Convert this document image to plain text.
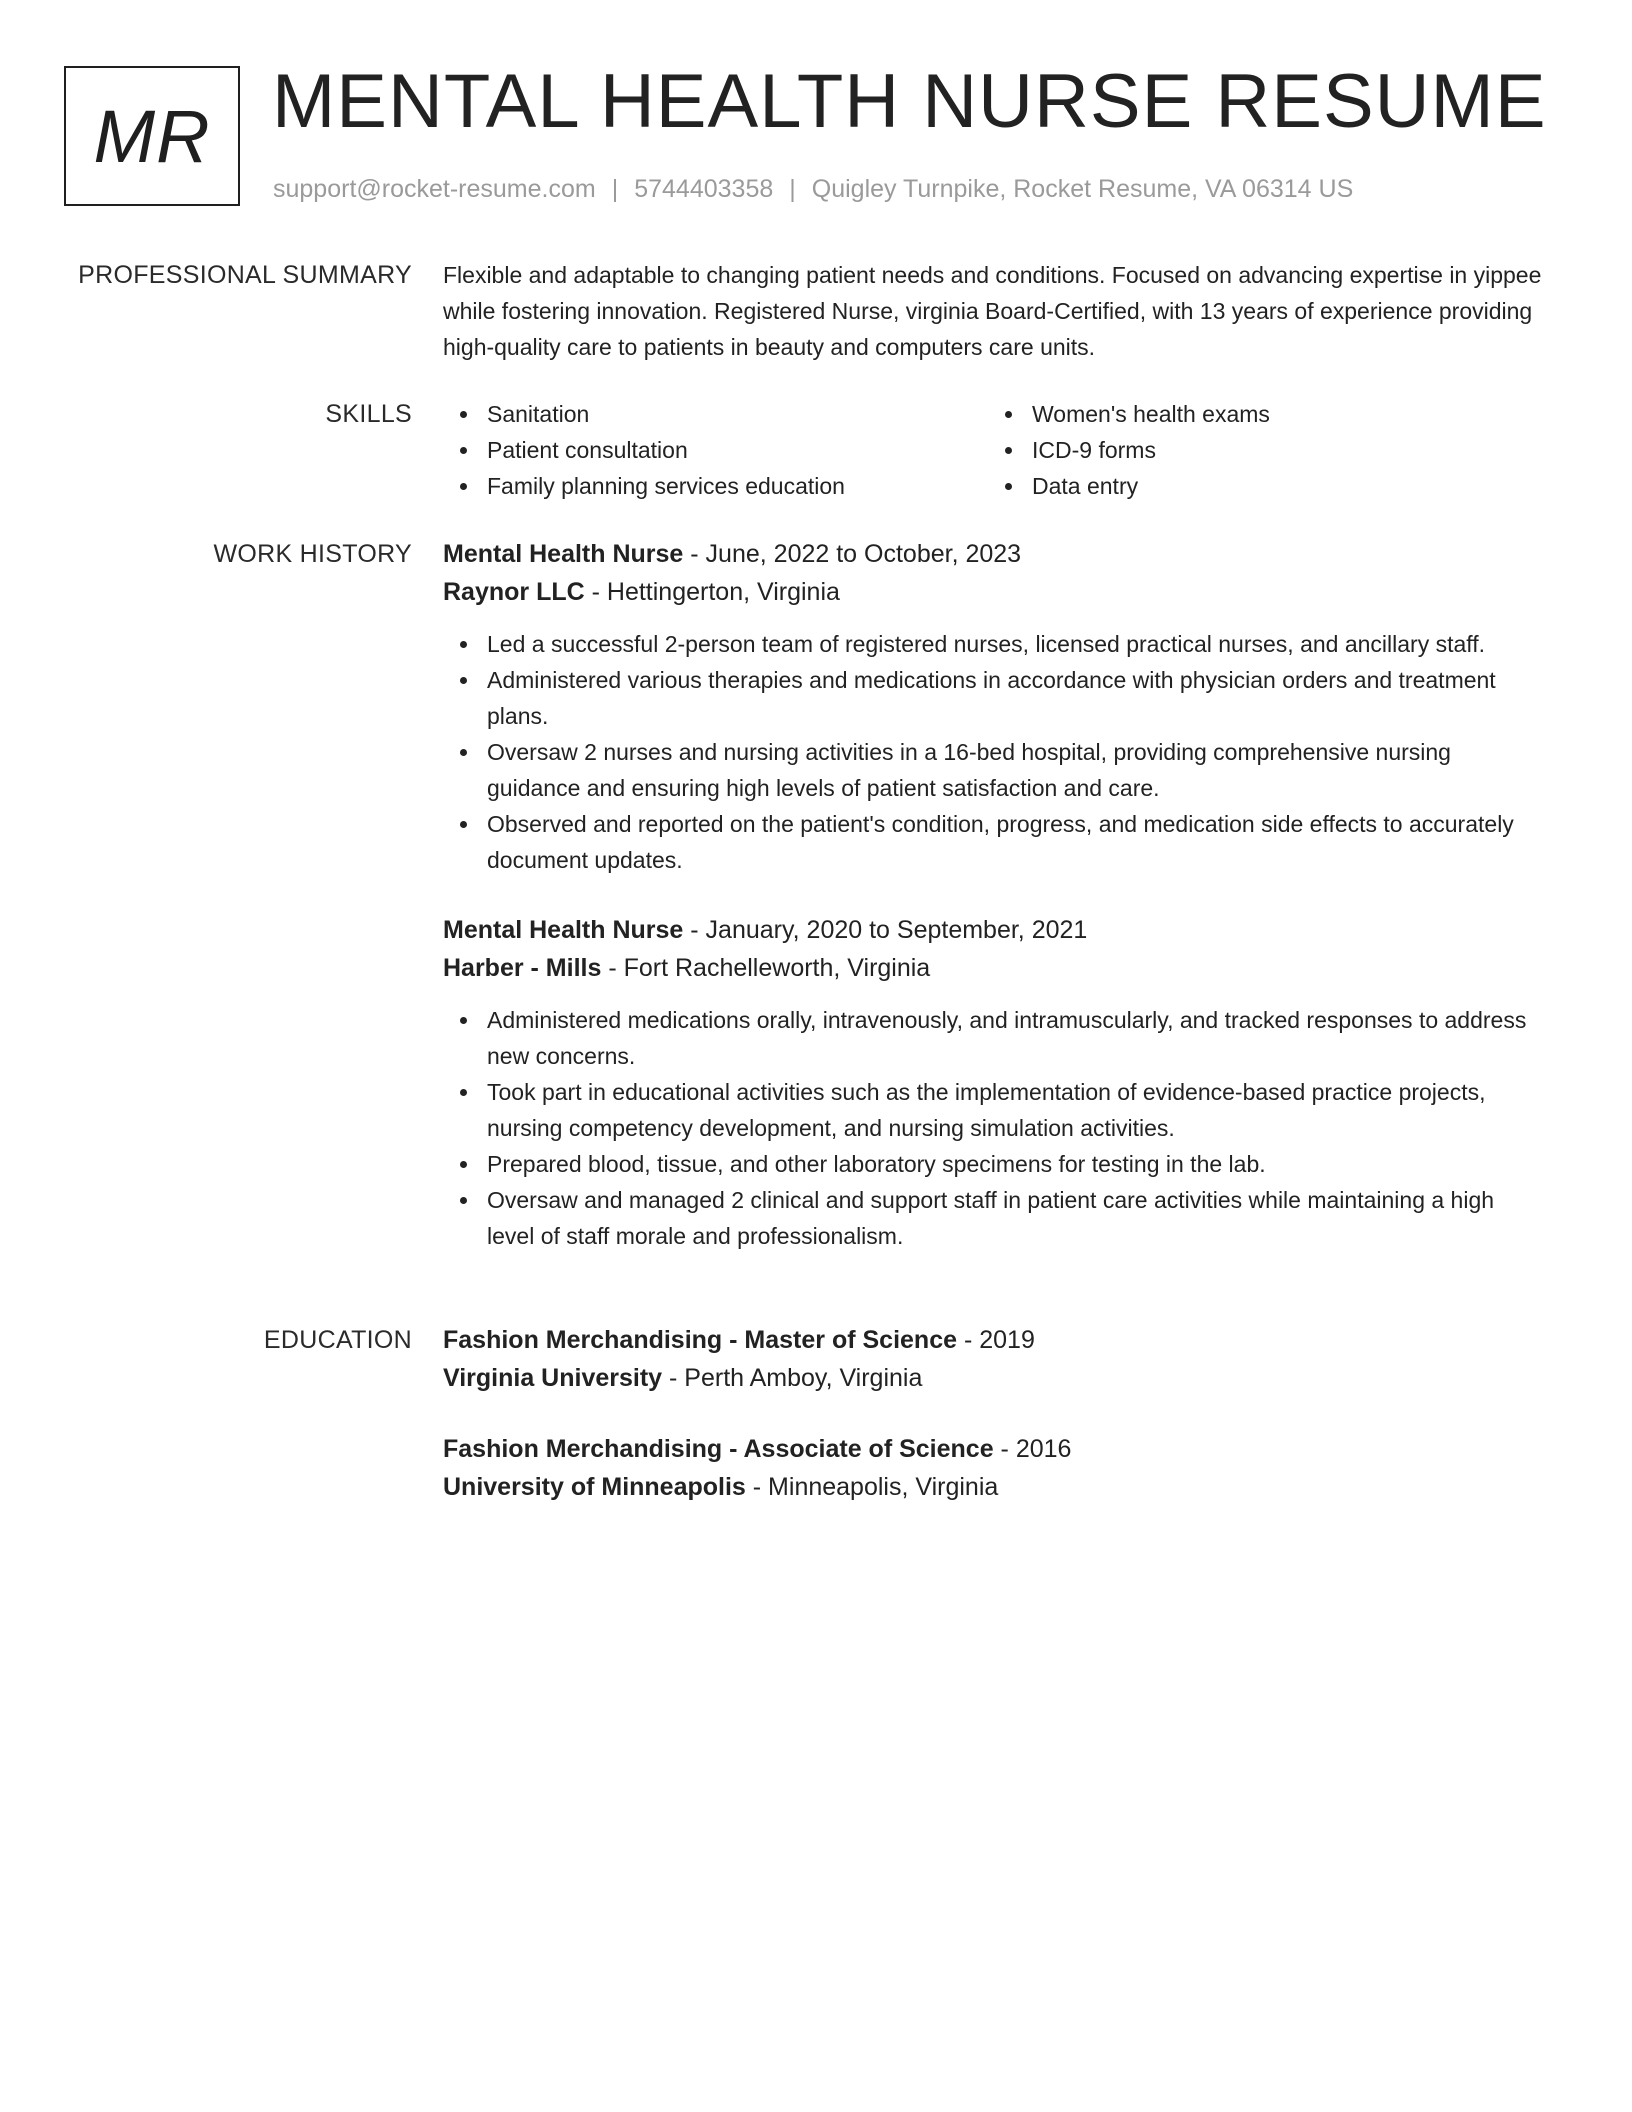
MR MENTAL HEALTH NURSE RESUME
support@rocket-resume.com | 5744403358 | Quigley Turnpike, Rocket Resume, VA 06314 US
PROFESSIONAL SUMMARY Flexible and adaptable to changing patient needs and conditions. Focused on advancing expertise in yippee while fostering innovation. Registered Nurse, virginia Board-Certified, with 13 years of experience providing high-quality care to patients in beauty and computers care units.

SKILLS	Sanitation
Patient consultation
Family planning services education
Women's health exams
ICD-9 forms
Data entry
WORK HISTORY Mental Health Nurse - June, 2022 to October, 2023
Raynor LLC - Hettingerton, Virginia
Led a successful 2-person team of registered nurses, licensed practical nurses, and ancillary staff.
Administered various therapies and medications in accordance with physician orders and treatment plans.
Oversaw 2 nurses and nursing activities in a 16-bed hospital, providing comprehensive nursing guidance and ensuring high levels of patient satisfaction and care.
Observed and reported on the patient's condition, progress, and medication side effects to accurately document updates.
Mental Health Nurse - January, 2020 to September, 2021
Harber - Mills - Fort Rachelleworth, Virginia
Administered medications orally, intravenously, and intramuscularly, and tracked responses to address new concerns.
Took part in educational activities such as the implementation of evidence-based practice projects, nursing competency development, and nursing simulation activities.
Prepared blood, tissue, and other laboratory specimens for testing in the lab.
Oversaw and managed 2 clinical and support staff in patient care activities while maintaining a high level of staff morale and professionalism.
EDUCATION Fashion Merchandising - Master of Science - 2019
Virginia University - Perth Amboy, Virginia
Fashion Merchandising - Associate of Science - 2016
University of Minneapolis - Minneapolis, Virginia
